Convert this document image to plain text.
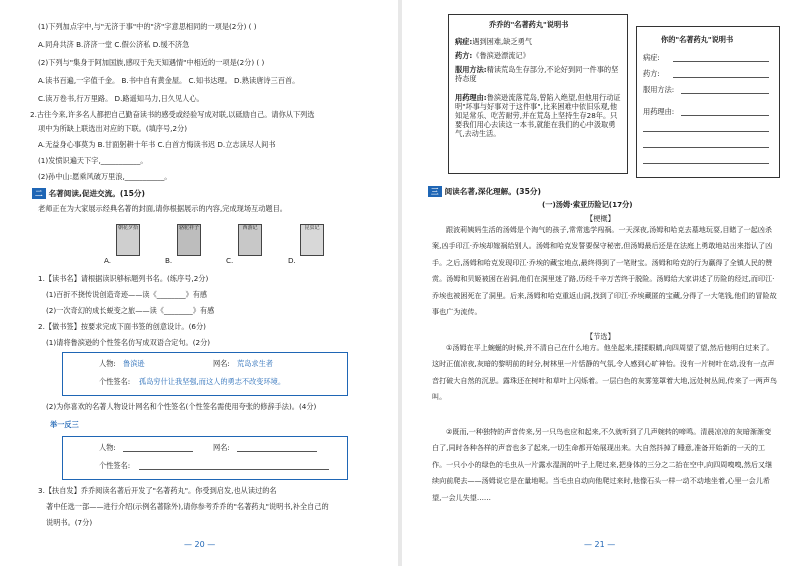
(1)下列加点字中,与"无济于事"中的"济"字意思相同的一项是(2分) ( )
A.同舟共济 B.济济一堂 C.假公济私 D.缓不济急
(2)下列与"集身于阿加国族,感叹于先天知遇情"中相近的一项是(2分) ( )
A.读书百遍,一字值千金。 B.书中自有黄金屋。 C.知书达理。 D.熟读唐诗三百首。
C.读万卷书,行万里路。 D.路遥知马力,日久见人心。
2.古往今来,许多名人都把自己勤奋读书的感受或经验写成对联,以砥励自己。请你从下列选
项中为所缺上联选出对应的下联。(填序号,2分)
A.无益身心事莫为 B.甘面躬耕十年书 C.白首方悔读书迟 D.立志读尽人间书
(1)发愤识遍天下字,___________。
(2)孙中山:愿乘风破万里浪,___________。
二 名著阅读,促进交流。(15分)
老师正在为大家展示经典名著的封面,请你根据展示的内容,完成现场互动题目。
朝花夕拾
A.
骆驼祥子
B.
西游记
C.
昆虫记
D.
1.【读书名】请根据读识够标题列书名。(练序号,2分)
(1)百折不挠传说创造奇迹——读《________》有感
(2)一次奇幻的成长蜕变之旅——读《________》有感
2.【做书签】按要求完成下面书签的创意设计。(6分)
(1)请将鲁滨逊的个性签名仿写成双语合定句。(2分)
人物: 鲁滨逊	网名: 荒岛求生者
个性签名: 孤岛穷什让我坚强,而这人的勇志不改变环境。
(2)为你喜欢的名著人物设计网名和个性签名(个性签名需使用夸张的修辞手法)。(4分)
举一反三
人物:	网名:
个性签名:
3.【扶自发】乔乔阅读名著后开发了"名著药丸"。你受到启发,也从读过的名
著中任选一部——进行介绍(示例名著除外),请你参考乔乔的"名著药丸"说明书,补全自己的
说明书。(7分)
— 20 —
乔乔的"名著药丸"说明书
病症:遇到困难,缺乏勇气
药方:《鲁滨逊漂流记》
服用方法:精读荒岛生存部分,不论好到同一件事的坚持态度
用药理由:鲁滨逊流落荒岛,曾陷入绝望,但他用行动证明"坏事与好事对于这件事",比来困难中依旧乐观,他知足常乐、吃苦耐劳,并在荒岛上坚持生存28年。只要我们用心去读这一本书,就能在我们的心中汲取勇气,去动生活。
你的"名著药丸"说明书
病症:
药方:
服用方法:
用药理由:
三 阅读名著,深化理解。(35分)
(一)汤姆·索亚历险记(17分)
【梗概】
跟波莉姨妈生活的汤姆是个淘气的孩子,常常逃学闯祸。一天深夜,汤姆和哈克去墓地玩耍,目睹了一起凶杀案,凶手印江·乔埃却嫁祸给别人。汤姆和哈克发誓要保守秘密,但汤姆最后还是在法庭上勇敢地站出来指认了凶手。之后,汤姆和哈克发现印江·乔埃的藏宝地点,最终得到了一笔财宝。汤姆和哈克的行为赢得了全镇人民的赞赏。汤姆和贝姬被困在岩洞,他们在洞里迷了路,历经千辛万苦终于脱险。汤姆给大家讲述了历险的经过,而印江·乔埃也被困死在了洞里。后来,汤姆和哈克重返山洞,找到了印江·乔埃藏匿的宝藏,分得了一大笔钱,他们的冒险故事也广为流传。
【节选】
①汤姆在平上蜿蜒的时候,并不清自己在什么地方。他坐起来,揉揉眼睛,向四周望了望,然后他明白过来了。这时正值凉夜,灰暗的黎明前的时分,树林里一片恬静的气氛,令人感到心旷神怡。没有一片树叶在动,没有一点声音打破大自然的沉思。露珠还在树叶和草叶上闪烁着。一层白色的灰雾笼罩着大地,远处树丛间,传来了一两声鸟叫。
②既而,一种独特的声音传来,另一只鸟也应和起来,不久就听到了几声婉转的啼鸣。清晨凉凉的灰暗渐渐变白了,同时各种各样的声音也多了起来,一切生命都开始展现出来。大自然抖掉了睡意,准备开始新的一天的工作。一只小小的绿色的毛虫从一片露水湿润的叶子上爬过来,把身体的三分之二抬在空中,向四周嗅嗅,然后又继续向前爬去——汤姆说它是在量地呢。当毛虫自动向他爬过来时,他像石头一样一动不动地坐着,心里一会儿希望,一会儿失望……
— 21 —
